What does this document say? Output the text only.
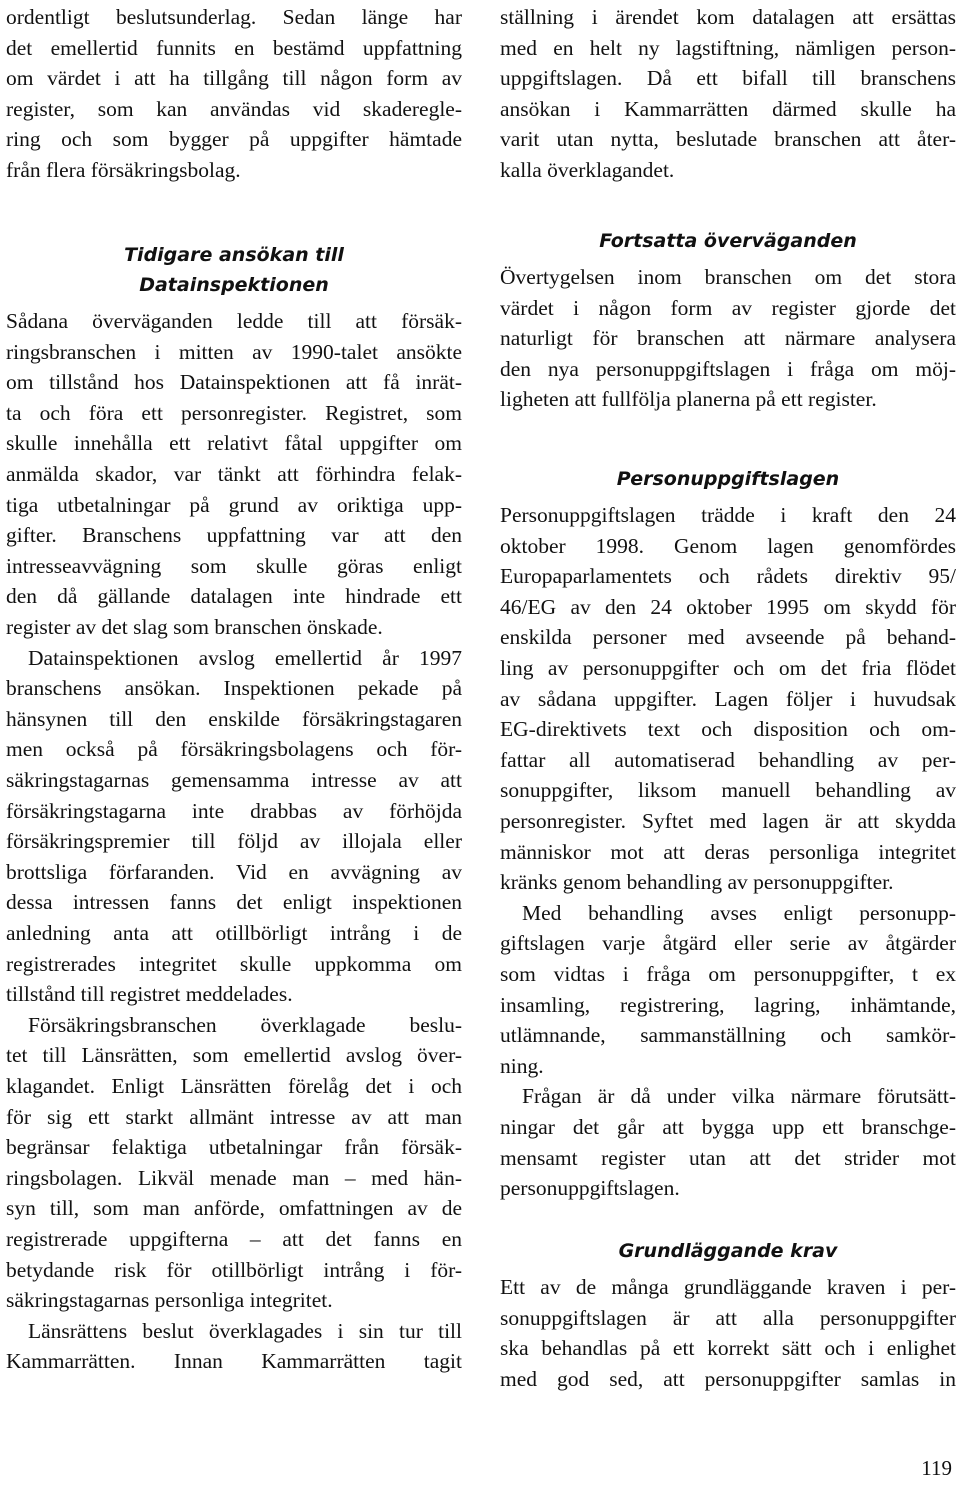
ordentligt beslutsunderlag. Sedan länge har
det emellertid funnits en bestämd uppfattning
om värdet i att ha tillgång till någon form av
register, som kan användas vid skaderegle-
ring och som bygger på uppgifter hämtade
från flera försäkringsbolag.
Tidigare ansökan till
Datainspektionen
Sådana överväganden ledde till att försäk-
ringsbranschen i mitten av 1990-talet ansökte
om tillstånd hos Datainspektionen att få inrät-
ta och föra ett personregister. Registret, som
skulle innehålla ett relativt fåtal uppgifter om
anmälda skador, var tänkt att förhindra felak-
tiga utbetalningar på grund av oriktiga upp-
gifter. Branschens uppfattning var att den
intresseavvägning som skulle göras enligt
den då gällande datalagen inte hindrade ett
register av det slag som branschen önskade.
Datainspektionen avslog emellertid år 1997
branschens ansökan. Inspektionen pekade på
hänsynen till den enskilde försäkringstagaren
men också på försäkringsbolagens och för-
säkringstagarnas gemensamma intresse av att
försäkringstagarna inte drabbas av förhöjda
försäkringspremier till följd av illojala eller
brottsliga förfaranden. Vid en avvägning av
dessa intressen fanns det enligt inspektionen
anledning anta att otillbörligt intrång i de
registrerades integritet skulle uppkomma om
tillstånd till registret meddelades.
Försäkringsbranschen överklagade beslu-
tet till Länsrätten, som emellertid avslog över-
klagandet. Enligt Länsrätten förelåg det i och
för sig ett starkt allmänt intresse av att man
begränsar felaktiga utbetalningar från försäk-
ringsbolagen. Likväl menade man – med hän-
syn till, som man anförde, omfattningen av de
registrerade uppgifterna – att det fanns en
betydande risk för otillbörligt intrång i för-
säkringstagarnas personliga integritet.
Länsrättens beslut överklagades i sin tur till
Kammarrätten. Innan Kammarrätten tagit
ställning i ärendet kom datalagen att ersättas
med en helt ny lagstiftning, nämligen person-
uppgiftslagen. Då ett bifall till branschens
ansökan i Kammarrätten därmed skulle ha
varit utan nytta, beslutade branschen att åter-
kalla överklagandet.
Fortsatta överväganden
Övertygelsen inom branschen om det stora
värdet i någon form av register gjorde det
naturligt för branschen att närmare analysera
den nya personuppgiftslagen i fråga om möj-
ligheten att fullfölja planerna på ett register.
Personuppgiftslagen
Personuppgiftslagen trädde i kraft den 24
oktober 1998. Genom lagen genomfördes
Europaparlamentets och rådets direktiv 95/
46/EG av den 24 oktober 1995 om skydd för
enskilda personer med avseende på behand-
ling av personuppgifter och om det fria flödet
av sådana uppgifter. Lagen följer i huvudsak
EG-direktivets text och disposition och om-
fattar all automatiserad behandling av per-
sonuppgifter, liksom manuell behandling av
personregister. Syftet med lagen är att skydda
människor mot att deras personliga integritet
kränks genom behandling av personuppgifter.
Med behandling avses enligt personupp-
giftslagen varje åtgärd eller serie av åtgärder
som vidtas i fråga om personuppgifter, t ex
insamling, registrering, lagring, inhämtande,
utlämnande, sammanställning och samkör-
ning.
Frågan är då under vilka närmare förutsätt-
ningar det går att bygga upp ett branschge-
mensamt register utan att det strider mot
personuppgiftslagen.
Grundläggande krav
Ett av de många grundläggande kraven i per-
sonuppgiftslagen är att alla personuppgifter
ska behandlas på ett korrekt sätt och i enlighet
med god sed, att personuppgifter samlas in
119
